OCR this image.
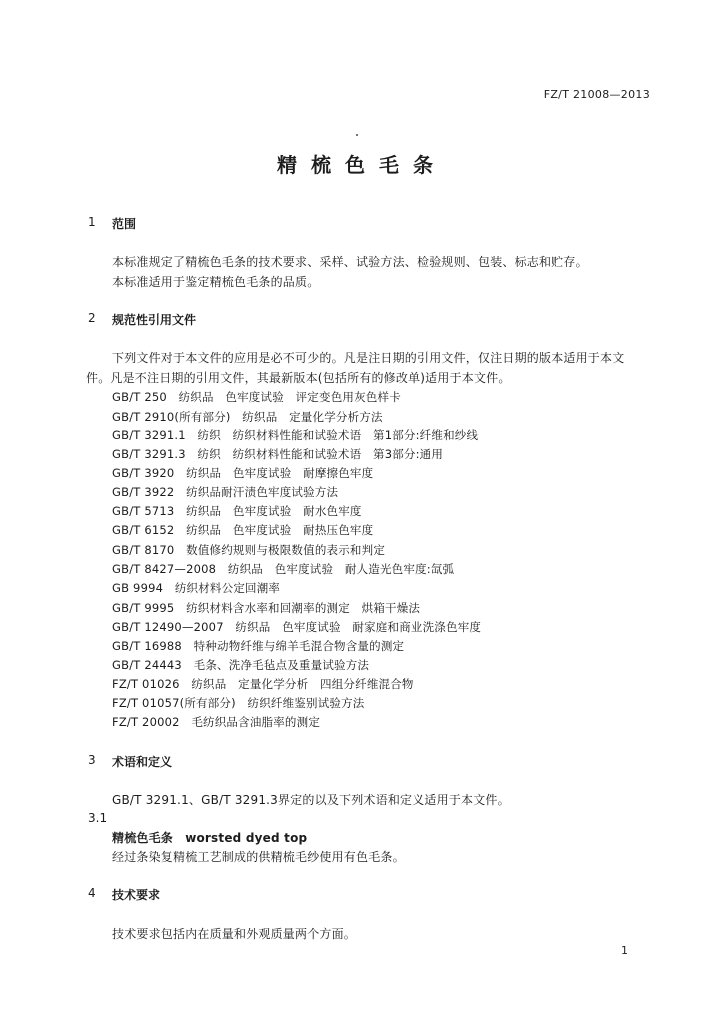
FZ/T 21008—2013
精梳色毛条
1 范围
本标准规定了精梳色毛条的技术要求、采样、试验方法、检验规则、包装、标志和贮存。
本标准适用于鉴定精梳色毛条的品质。
2 规范性引用文件
下列文件对于本文件的应用是必不可少的。凡是注日期的引用文件，仅注日期的版本适用于本文
件。凡是不注日期的引用文件，其最新版本(包括所有的修改单)适用于本文件。
GB/T 250　纺织品　色牢度试验　评定变色用灰色样卡
GB/T 2910(所有部分)　纺织品　定量化学分析方法
GB/T 3291.1　纺织　纺织材料性能和试验术语　第1部分:纤维和纱线
GB/T 3291.3　纺织　纺织材料性能和试验术语　第3部分:通用
GB/T 3920　纺织品　色牢度试验　耐摩擦色牢度
GB/T 3922　纺织品耐汗渍色牢度试验方法
GB/T 5713　纺织品　色牢度试验　耐水色牢度
GB/T 6152　纺织品　色牢度试验　耐热压色牢度
GB/T 8170　数值修约规则与极限数值的表示和判定
GB/T 8427—2008　纺织品　色牢度试验　耐人造光色牢度:氙弧
GB 9994　纺织材料公定回潮率
GB/T 9995　纺织材料含水率和回潮率的测定　烘箱干燥法
GB/T 12490—2007　纺织品　色牢度试验　耐家庭和商业洗涤色牢度
GB/T 16988　特种动物纤维与绵羊毛混合物含量的测定
GB/T 24443　毛条、洗净毛毡点及重量试验方法
FZ/T 01026　纺织品　定量化学分析　四组分纤维混合物
FZ/T 01057(所有部分)　纺织纤维鉴别试验方法
FZ/T 20002　毛纺织品含油脂率的测定
3 术语和定义
GB/T 3291.1、GB/T 3291.3界定的以及下列术语和定义适用于本文件。
3.1
精梳色毛条　worsted dyed top
经过条染复精梳工艺制成的供精梳毛纱使用有色毛条。
4 技术要求
技术要求包括内在质量和外观质量两个方面。
1
